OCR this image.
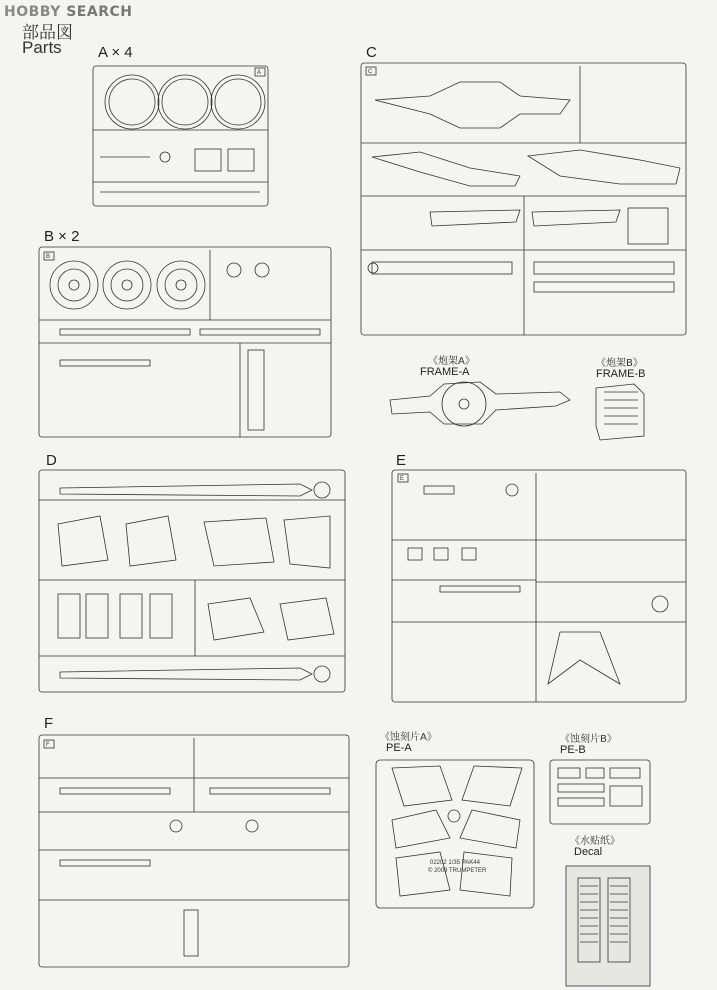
HOBBY SEARCH
部品図
Parts A × 4	C
B × 2
D	E
F
《炮架A》
FRAME-A
《炮架B》
FRAME-B
《蚀刻片A》
PE-A
《蚀刻片B》
PE-B
《水贴纸》
Decal
A
B
C
E
F
02202 1/35 PAK44
© 2009 TRUMPETER
